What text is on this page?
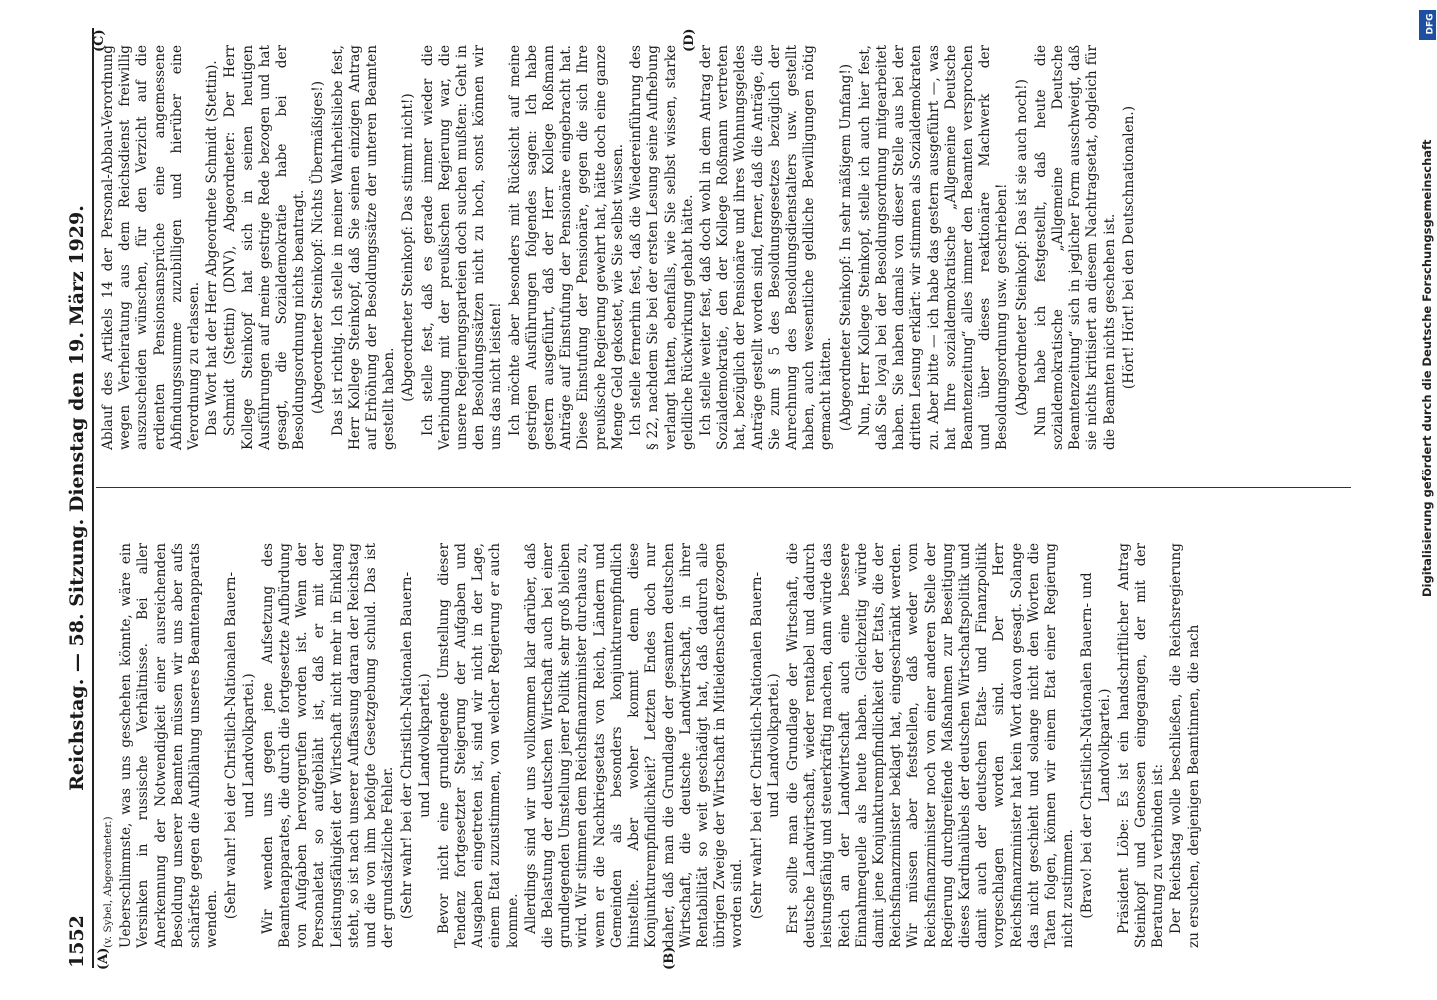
1552
Reichstag. — 58. Sitzung. Dienstag den 19. März 1929.
(A)	(B)
(C)	(D)

(v. Sybel, Abgeordneter.) Ueberschlimmste, was uns geschehen könnte, wäre ein Versinken in russische Verhältnisse. Bei aller Anerkennung der Notwendigkeit einer ausreichenden Besoldung unserer Beamten müssen wir uns aber aufs schärfste gegen die Aufblähung unseres Beamtenapparats wenden. (Sehr wahr! bei der Christlich-Nationalen Bauern- und Landvolkpartei.) Wir wenden uns gegen jene Aufsetzung des Beamtenapparates, die durch die fortgesetzte Aufbürdung von Aufgaben hervorgerufen worden ist. Wenn der Personaletat so aufgebläht ist, daß er mit der Leistungsfähigkeit der Wirtschaft nicht mehr in Einklang steht, so ist nach unserer Auffassung daran der Reichstag und die von ihm befolgte Gesetzgebung schuld. Das ist der grundsätzliche Fehler. (Sehr wahr! bei der Christlich-Nationalen Bauern- und Landvolkpartei.) Bevor nicht eine grundlegende Umstellung dieser Tendenz fortgesetzter Steigerung der Aufgaben und Ausgaben eingetreten ist, sind wir nicht in der Lage, einem Etat zuzustimmen, von welcher Regierung er auch komme. Allerdings sind wir uns vollkommen klar darüber, daß die Belastung der deutschen Wirtschaft auch bei einer grundlegenden Umstellung jener Politik sehr groß bleiben wird. Wir stimmen dem Reichsfinanzminister durchaus zu, wenn er die Nachkriegsetats von Reich, Ländern und Gemeinden als besonders konjunkturempfindlich hinstellte. Aber woher kommt denn diese Konjunkturempfindlichkeit? Letzten Endes doch nur daher, daß man die Grundlage der gesamten deutschen Wirtschaft, die deutsche Landwirtschaft, in ihrer Rentabilität so weit geschädigt hat, daß dadurch alle übrigen Zweige der Wirtschaft in Mitleidenschaft gezogen worden sind. (Sehr wahr! bei der Christlich-Nationalen Bauern- und Landvolkpartei.) Erst sollte man die Grundlage der Wirtschaft, die deutsche Landwirtschaft, wieder rentabel und dadurch leistungsfähig und steuerkräftig machen, dann würde das Reich an der Landwirtschaft auch eine bessere Einnahmequelle als heute haben. Gleichzeitig würde damit jene Konjunkturempfindlichkeit der Etats, die der Reichsfinanzminister beklagt hat, eingeschränkt werden. Wir müssen aber feststellen, daß weder vom Reichsfinanzminister noch von einer anderen Stelle der Regierung durchgreifende Maßnahmen zur Beseitigung dieses Kardinalübels der deutschen Wirtschaftspolitik und damit auch der deutschen Etats- und Finanzpolitik vorgeschlagen worden sind. Der Herr Reichsfinanzminister hat kein Wort davon gesagt. Solange das nicht geschieht und solange nicht den Worten die Taten folgen, können wir einem Etat einer Regierung nicht zustimmen. (Bravo! bei der Christlich-Nationalen Bauern- und Landvolkpartei.) Präsident Löbe: Es ist ein handschriftlicher Antrag Steinkopf und Genossen eingegangen, der mit der Beratung zu verbinden ist: Der Reichstag wolle beschließen, die Reichsregierung zu ersuchen, denjenigen Beamtinnen, die nach

Ablauf des Artikels 14 der Personal-Abbau-Verordnung wegen Verheiratung aus dem Reichsdienst freiwillig auszuscheiden wünschen, für den Verzicht auf die erdienten Pensionsansprüche eine angemessene Abfindungssumme zuzubilligen und hierüber eine Verordnung zu erlassen. Das Wort hat der Herr Abgeordnete Schmidt (Stettin). Schmidt (Stettin) (DNV), Abgeordneter: Der Herr Kollege Steinkopf hat sich in seinen heutigen Ausführungen auf meine gestrige Rede bezogen und hat gesagt, die Sozialdemokratie habe bei der Besoldungsordnung nichts beantragt. (Abgeordneter Steinkopf: Nichts Übermäßiges!) Das ist richtig. Ich stelle in meiner Wahrheitsliebe fest, Herr Kollege Steinkopf, daß Sie seinen einzigen Antrag auf Erhöhung der Besoldungssätze der unteren Beamten gestellt haben. (Abgeordneter Steinkopf: Das stimmt nicht!) Ich stelle fest, daß es gerade immer wieder die Verbindung mit der preußischen Regierung war, die unsere Regierungsparteien doch suchen mußten: Geht in den Besoldungssätzen nicht zu hoch, sonst können wir uns das nicht leisten! Ich möchte aber besonders mit Rücksicht auf meine gestrigen Ausführungen folgendes sagen: Ich habe gestern ausgeführt, daß der Herr Kollege Roßmann Anträge auf Einstufung der Pensionäre eingebracht hat. Diese Einstufung der Pensionäre, gegen die sich Ihre preußische Regierung gewehrt hat, hätte doch eine ganze Menge Geld gekostet, wie Sie selbst wissen. Ich stelle fernerhin fest, daß die Wiedereinführung des § 22, nachdem Sie bei der ersten Lesung seine Aufhebung verlangt hatten, ebenfalls, wie Sie selbst wissen, starke geldliche Rückwirkung gehabt hätte. Ich stelle weiter fest, daß doch wohl in dem Antrag der Sozialdemokratie, den der Kollege Roßmann vertreten hat, bezüglich der Pensionäre und ihres Wohnungsgeldes Anträge gestellt worden sind, ferner, daß die Anträge, die Sie zum § 5 des Besoldungsgesetzes bezüglich der Anrechnung des Besoldungsdienstalters usw. gestellt haben, auch wesentliche geldliche Bewilligungen nötig gemacht hätten. (Abgeordneter Steinkopf: In sehr mäßigem Umfang!) Nun, Herr Kollege Steinkopf, stelle ich auch hier fest, daß Sie loyal bei der Besoldungsordnung mitgearbeitet haben. Sie haben damals von dieser Stelle aus bei der dritten Lesung erklärt: wir stimmen als Sozialdemokraten zu. Aber bitte — ich habe das gestern ausgeführt —, was hat Ihre sozialdemokratische „Allgemeine Deutsche Beamtenzeitung“ alles immer den Beamten versprochen und über dieses reaktionäre Machwerk der Besoldungsordnung usw. geschrieben! (Abgeordneter Steinkopf: Das ist sie auch noch!) Nun habe ich festgestellt, daß heute die sozialdemokratische „Allgemeine Deutsche Beamtenzeitung“ sich in jeglicher Form ausschweigt, daß sie nichts kritisiert an diesem Nachtragsetat, obgleich für die Beamten nichts geschehen ist. (Hört! Hört! bei den Deutschnationalen.)

DFG
Digitalisierung gefördert durch die Deutsche Forschungsgemeinschaft
